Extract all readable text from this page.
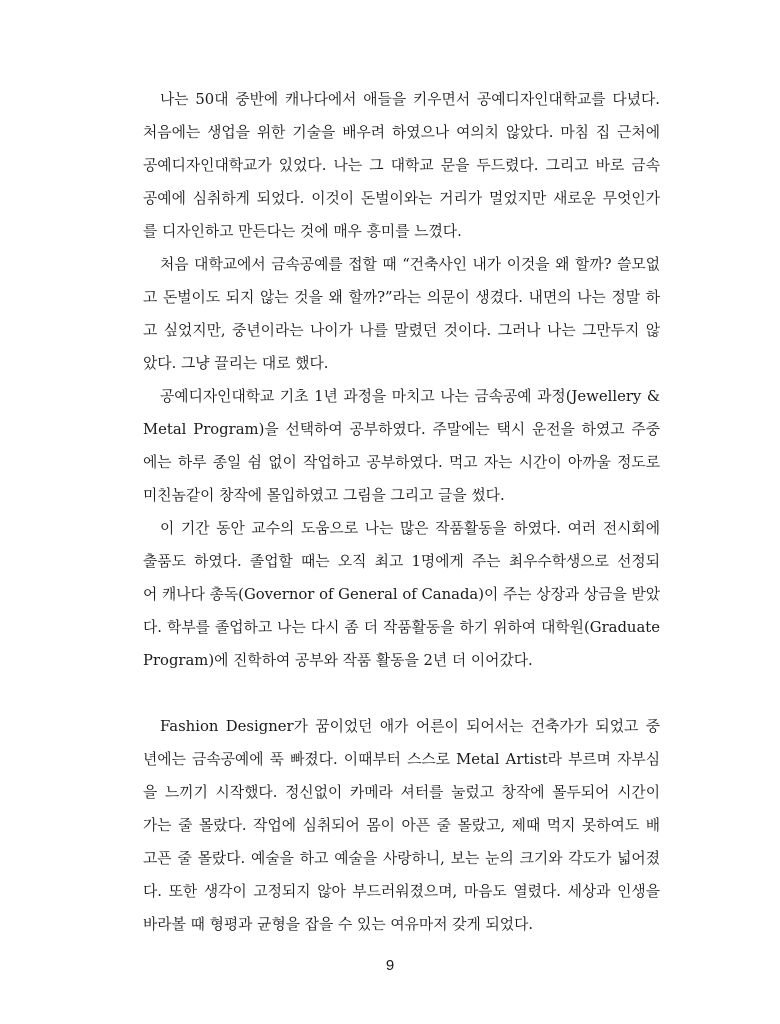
나는 50대 중반에 캐나다에서 애들을 키우면서 공예디자인대학교를 다녔다.
처음에는 생업을 위한 기술을 배우려 하였으나 여의치 않았다. 마침 집 근처에
공예디자인대학교가 있었다. 나는 그 대학교 문을 두드렸다. 그리고 바로 금속
공예에 심취하게 되었다. 이것이 돈벌이와는 거리가 멀었지만 새로운 무엇인가
를 디자인하고 만든다는 것에 매우 흥미를 느꼈다.
처음 대학교에서 금속공예를 접할 때 “건축사인 내가 이것을 왜 할까? 쓸모없
고 돈벌이도 되지 않는 것을 왜 할까?”라는 의문이 생겼다. 내면의 나는 정말 하
고 싶었지만, 중년이라는 나이가 나를 말렸던 것이다. 그러나 나는 그만두지 않
았다. 그냥 끌리는 대로 했다.
공예디자인대학교 기초 1년 과정을 마치고 나는 금속공예 과정(Jewellery &
Metal Program)을 선택하여 공부하였다. 주말에는 택시 운전을 하였고 주중
에는 하루 종일 쉼 없이 작업하고 공부하였다. 먹고 자는 시간이 아까울 정도로
미친놈같이 창작에 몰입하였고 그림을 그리고 글을 썼다.
이 기간 동안 교수의 도움으로 나는 많은 작품활동을 하였다. 여러 전시회에
출품도 하였다. 졸업할 때는 오직 최고 1명에게 주는 최우수학생으로 선정되
어 캐나다 총독(Governor of General of Canada)이 주는 상장과 상금을 받았
다. 학부를 졸업하고 나는 다시 좀 더 작품활동을 하기 위하여 대학원(Graduate
Program)에 진학하여 공부와 작품 활동을 2년 더 이어갔다.
Fashion Designer가 꿈이었던 애가 어른이 되어서는 건축가가 되었고 중
년에는 금속공예에 푹 빠졌다. 이때부터 스스로 Metal Artist라 부르며 자부심
을 느끼기 시작했다. 정신없이 카메라 셔터를 눌렀고 창작에 몰두되어 시간이
가는 줄 몰랐다. 작업에 심취되어 몸이 아픈 줄 몰랐고, 제때 먹지 못하여도 배
고픈 줄 몰랐다. 예술을 하고 예술을 사랑하니, 보는 눈의 크기와 각도가 넓어졌
다. 또한 생각이 고정되지 않아 부드러워졌으며, 마음도 열렸다. 세상과 인생을
바라볼 때 형평과 균형을 잡을 수 있는 여유마저 갖게 되었다.
9
